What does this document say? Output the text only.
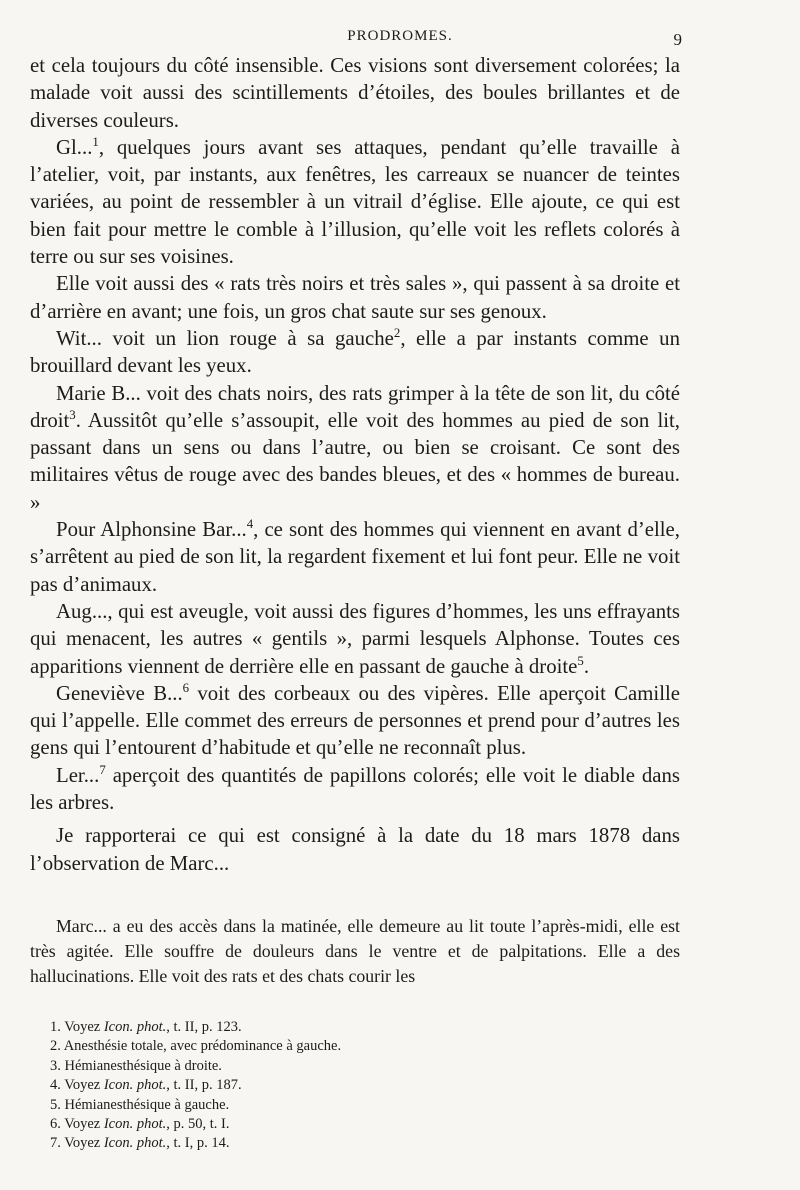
PRODROMES.	9

et cela toujours du côté insensible. Ces visions sont diversement colorées; la malade voit aussi des scintillements d’étoiles, des boules brillantes et de diverses couleurs.

Gl...$^1$, quelques jours avant ses attaques, pendant qu’elle travaille à l’atelier, voit, par instants, aux fenêtres, les carreaux se nuancer de teintes variées, au point de ressembler à un vitrail d’église. Elle ajoute, ce qui est bien fait pour mettre le comble à l’illusion, qu’elle voit les reflets colorés à terre ou sur ses voisines.

Elle voit aussi des « rats très noirs et très sales », qui passent à sa droite et d’arrière en avant; une fois, un gros chat saute sur ses genoux.

Wit... voit un lion rouge à sa gauche$^2$, elle a par instants comme un brouillard devant les yeux.

Marie B... voit des chats noirs, des rats grimper à la tête de son lit, du côté droit$^3$. Aussitôt qu’elle s’assoupit, elle voit des hommes au pied de son lit, passant dans un sens ou dans l’autre, ou bien se croisant. Ce sont des militaires vêtus de rouge avec des bandes bleues, et des « hommes de bureau. »

Pour Alphonsine Bar...$^4$, ce sont des hommes qui viennent en avant d’elle, s’arrêtent au pied de son lit, la regardent fixement et lui font peur. Elle ne voit pas d’animaux.

Aug..., qui est aveugle, voit aussi des figures d’hommes, les uns effrayants qui menacent, les autres « gentils », parmi lesquels Alphonse. Toutes ces apparitions viennent de derrière elle en passant de gauche à droite$^5$.

Geneviève B...$^6$ voit des corbeaux ou des vipères. Elle aperçoit Camille qui l’appelle. Elle commet des erreurs de personnes et prend pour d’autres les gens qui l’entourent d’habitude et qu’elle ne reconnaît plus.

Ler...$^7$ aperçoit des quantités de papillons colorés; elle voit le diable dans les arbres.

Je rapporterai ce qui est consigné à la date du 18 mars 1878 dans l’observation de Marc...

Marc... a eu des accès dans la matinée, elle demeure au lit toute l’après-midi, elle est très agitée. Elle souffre de douleurs dans le ventre et de palpitations. Elle a des hallucinations. Elle voit des rats et des chats courir les

1. Voyez Icon. phot., t. II, p. 123.
2. Anesthésie totale, avec prédominance à gauche.
3. Hémianesthésique à droite.
4. Voyez Icon. phot., t. II, p. 187.
5. Hémianesthésique à gauche.
6. Voyez Icon. phot., p. 50, t. I.
7. Voyez Icon. phot., t. I, p. 14.
